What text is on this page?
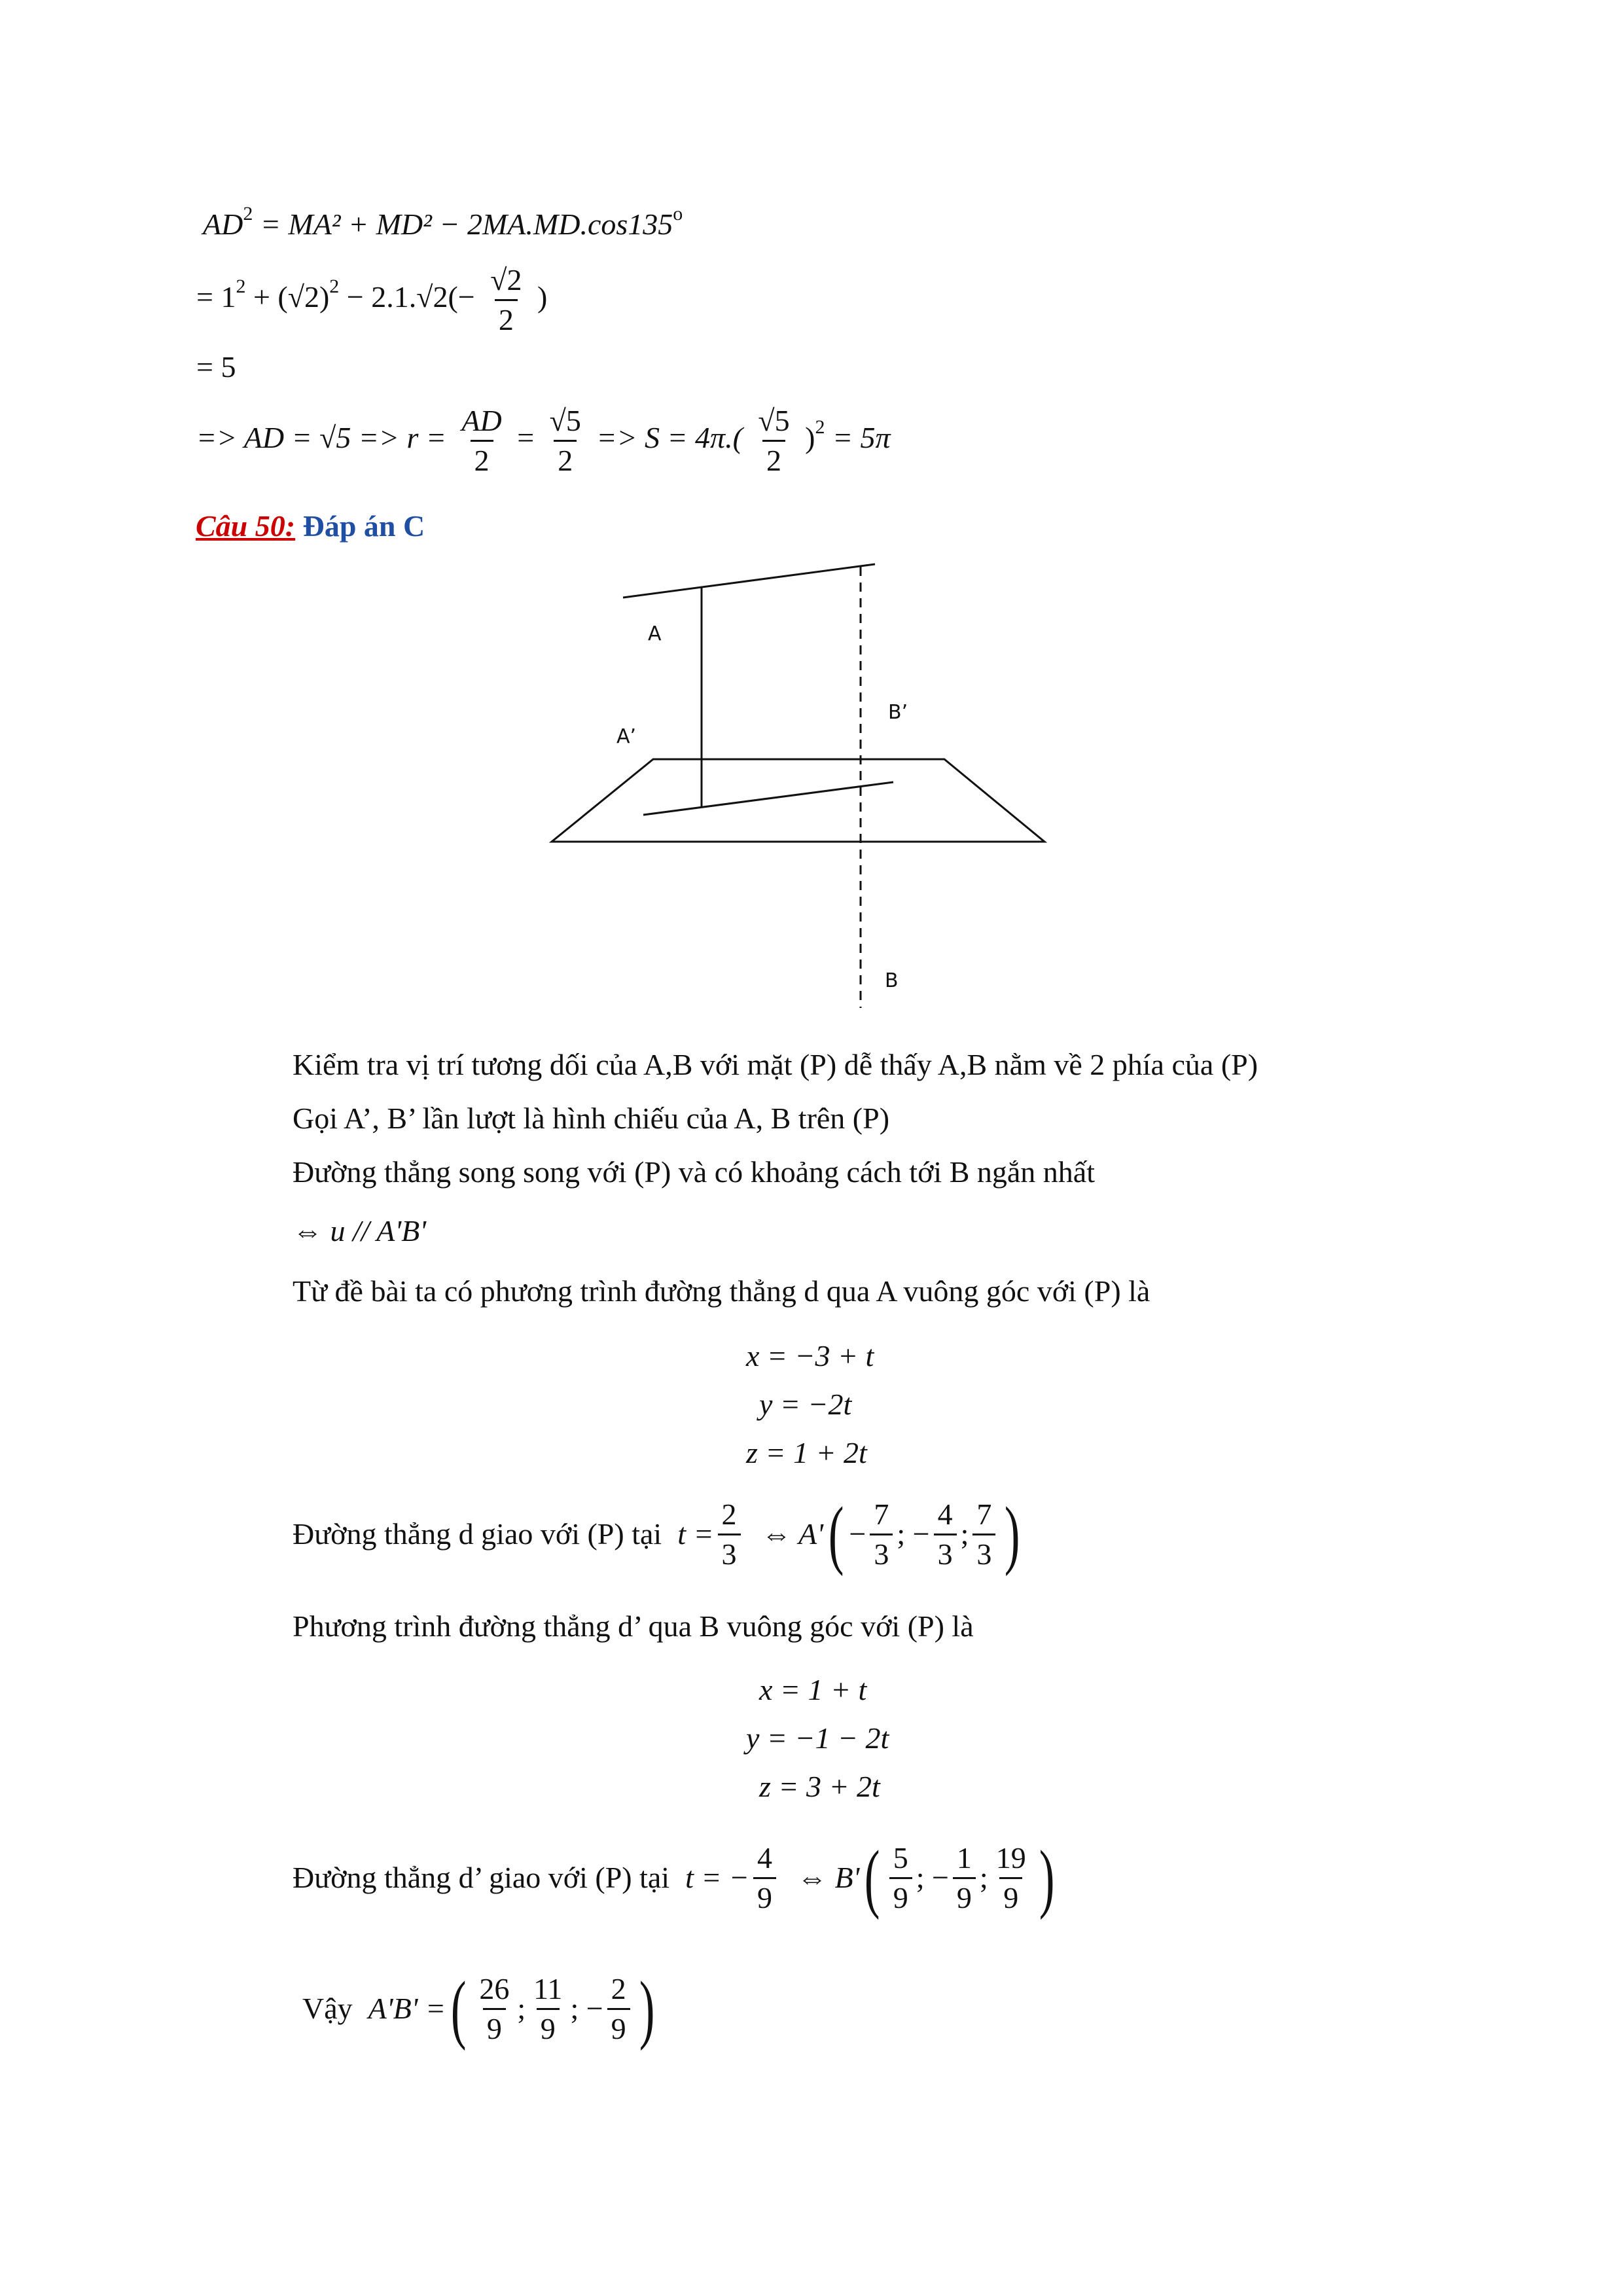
$AD^2 = MA^2 + MD^2 - 2MA.MD.\cos 135^o$
= $1^2 + (√2)^2 - 2.1.√2(- \frac{√2}{2}$ )
= 5
=> AD = $√5 => r = \frac{AD}{2} = \frac{√5}{2} => S = 4\pi.( \frac{√5}{2} )^2 = 5\pi$
Câu 50: Đáp án C
A
A’
B’
B
Kiểm tra vị trí tương dối của A,B với mặt (P) dễ thấy A,B nằm về 2 phía của (P)
Gọi A’, B’ lần lượt là hình chiếu của A, B trên (P)
Đường thẳng song song với (P) và có khoảng cách tới B ngắn nhất
⇔ u // A'B'
Từ đề bài ta có phương trình đường thẳng d qua A vuông góc với (P) là
x = −3 + t
y = −2t
z = 1 + 2t
Đường thẳng d giao với (P) tại $t = \frac{2}{3}$ ⇔ A' ( − $\frac{7}{3}$ ; − $\frac{4}{3}$ ; $\frac{7}{3}$ )
Phương trình đường thẳng d’ qua B vuông góc với (P) là
x = 1 + t
y = −1 − 2t
z = 3 + 2t
Đường thẳng d’ giao với (P) tại t = − $\frac{4}{9}$ ⇔ B' ( $\frac{5}{9}$ ; − $\frac{1}{9}$ ; $\frac{19}{9}$ )
Vậy A'B' = ( $\frac{26}{9}$ ; $\frac{11}{9}$ ; − $\frac{2}{9}$ )
